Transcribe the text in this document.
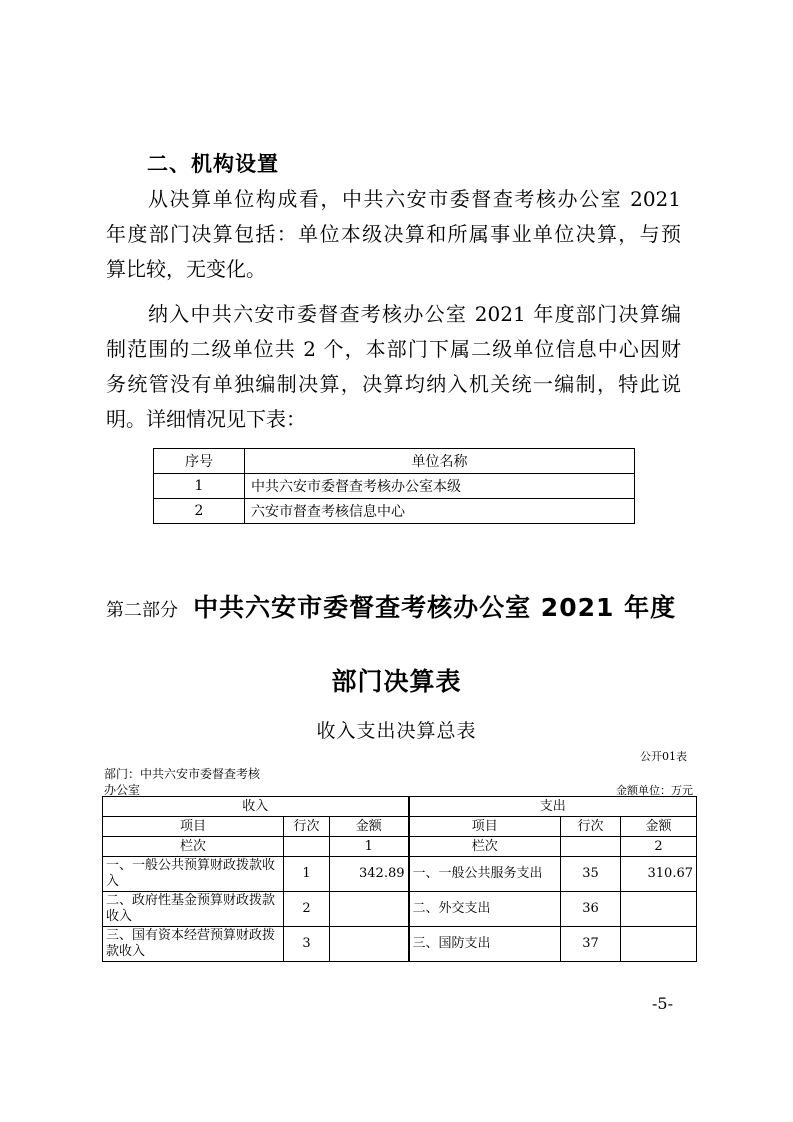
二、机构设置
从决算单位构成看，中共六安市委督查考核办公室 2021
年度部门决算包括：单位本级决算和所属事业单位决算，与预
算比较，无变化。
纳入中共六安市委督查考核办公室 2021 年度部门决算编
制范围的二级单位共 2 个，本部门下属二级单位信息中心因财
务统管没有单独编制决算，决算均纳入机关统一编制，特此说
明。详细情况见下表：
序号	单位名称
1	中共六安市委督查考核办公室本级
2	六安市督查考核信息中心
第二部分 中共六安市委督查考核办公室 2021 年度
部门决算表
收入支出决算总表
公开01表
部门：中共六安市委督查考核
办公室	金额单位：万元
收入			支出		
项目	行次	金额	项目	行次	金额
栏次		1	栏次		2
一、一般公共预算财政拨款收入	1	342.89	一、一般公共服务支出	35	310.67
二、政府性基金预算财政拨款收入	2		二、外交支出	36	
三、国有资本经营预算财政拨款收入	3		三、国防支出	37	
-5-
